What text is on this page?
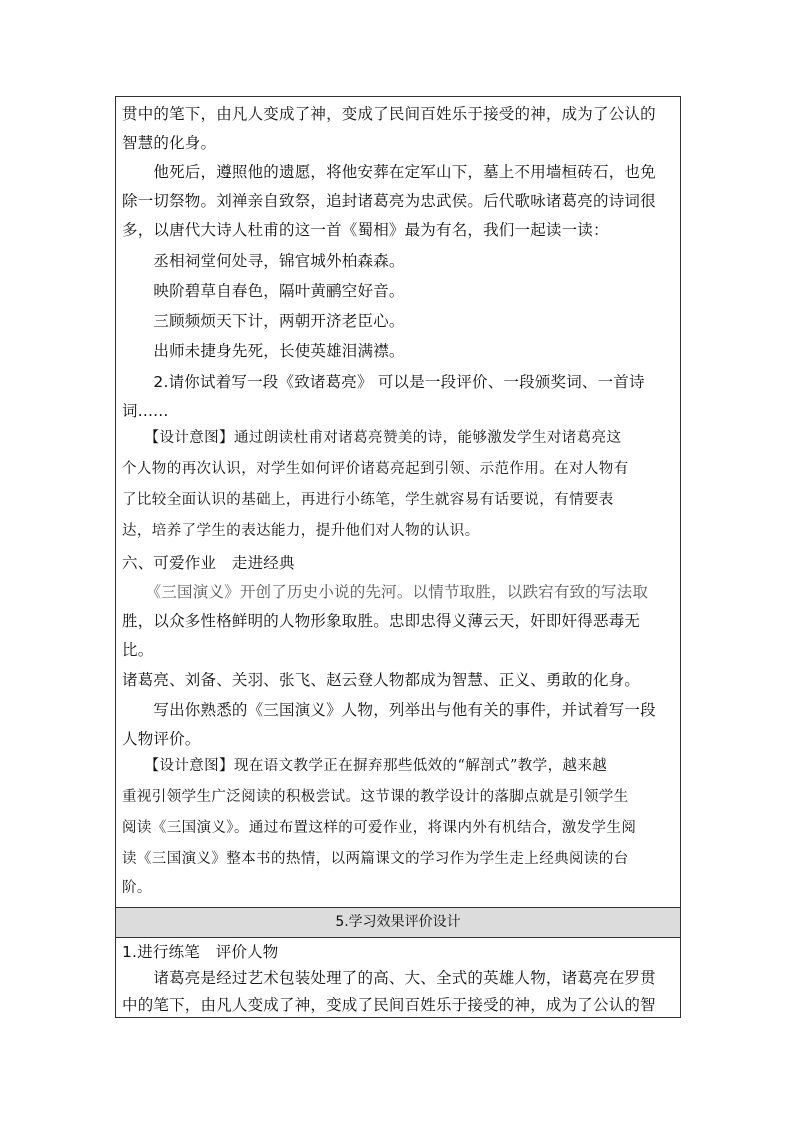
贯中的笔下，由凡人变成了神，变成了民间百姓乐于接受的神，成为了公认的
智慧的化身。
　　他死后，遵照他的遗愿，将他安葬在定军山下，墓上不用墙桓砖石，也免
除一切祭物。刘禅亲自致祭，追封诸葛亮为忠武侯。后代歌咏诸葛亮的诗词很
多，以唐代大诗人杜甫的这一首《蜀相》最为有名，我们一起读一读：
　　丞相祠堂何处寻，锦官城外柏森森。
　　映阶碧草自春色，隔叶黄鹂空好音。
　　三顾频烦天下计，两朝开济老臣心。
　　出师未捷身先死，长使英雄泪满襟。
　　2.请你试着写一段《致诸葛亮》 可以是一段评价、一段颁奖词、一首诗
词......
　　【设计意图】通过朗读杜甫对诸葛亮赞美的诗，能够激发学生对诸葛亮这
个人物的再次认识，对学生如何评价诸葛亮起到引领、示范作用。在对人物有
了比较全面认识的基础上，再进行小练笔，学生就容易有话要说，有情要表
达，培养了学生的表达能力，提升他们对人物的认识。
六、可爱作业　走进经典
　　《三国演义》开创了历史小说的先河。以情节取胜，以跌宕有致的写法取
胜，以众多性格鲜明的人物形象取胜。忠即忠得义薄云天，奸即奸得恶毒无
比。
诸葛亮、刘备、关羽、张飞、赵云登人物都成为智慧、正义、勇敢的化身。
　　写出你熟悉的《三国演义》人物，列举出与他有关的事件，并试着写一段
人物评价。
　　【设计意图】现在语文教学正在摒弃那些低效的“解剖式”教学，越来越
重视引领学生广泛阅读的积极尝试。这节课的教学设计的落脚点就是引领学生
阅读《三国演义》。通过布置这样的可爱作业，将课内外有机结合，激发学生阅
读《三国演义》整本书的热情，以两篇课文的学习作为学生走上经典阅读的台
阶。
5.学习效果评价设计
1.进行练笔　评价人物
　　诸葛亮是经过艺术包装处理了的高、大、全式的英雄人物，诸葛亮在罗贯
中的笔下，由凡人变成了神，变成了民间百姓乐于接受的神，成为了公认的智
